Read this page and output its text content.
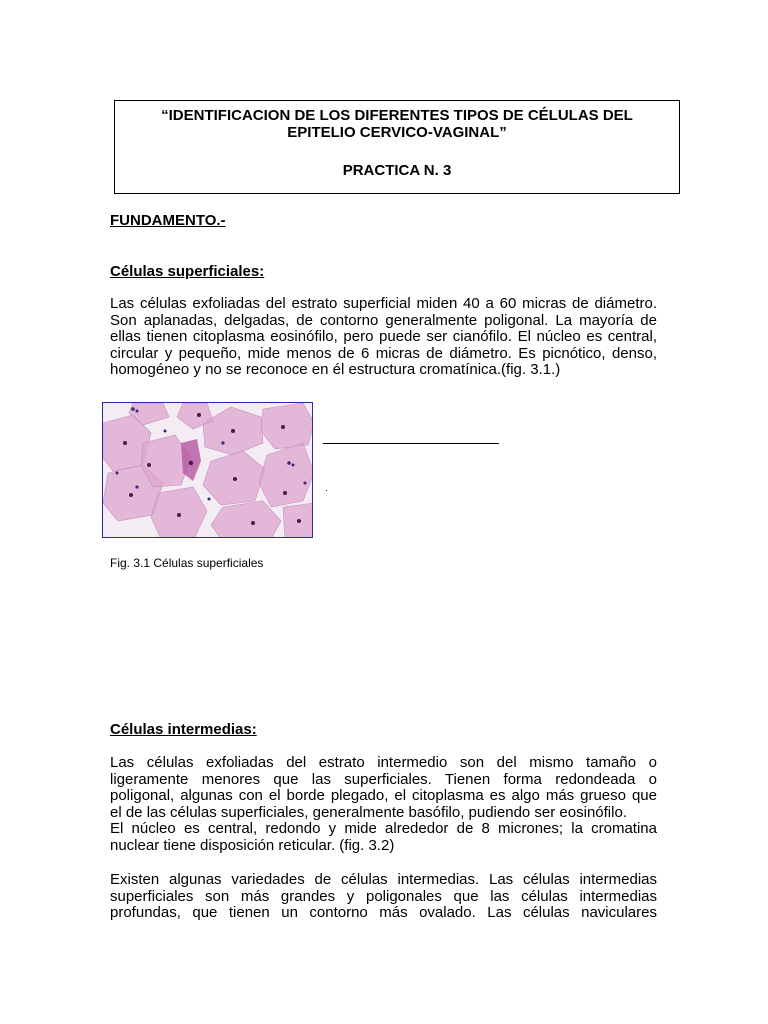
“IDENTIFICACION DE LOS DIFERENTES TIPOS DE CÉLULAS DEL
EPITELIO CERVICO-VAGINAL”
PRACTICA N. 3
FUNDAMENTO.-
Células superficiales:
Las células exfoliadas del estrato superficial miden 40 a 60 micras de diámetro.
Son aplanadas, delgadas, de contorno generalmente poligonal. La mayoría de
ellas tienen citoplasma eosinófilo, pero puede ser cianófilo. El núcleo es central,
circular y pequeño, mide menos de 6 micras de diámetro. Es picnótico, denso,
homogéneo y no se reconoce en él estructura cromatínica.(fig. 3.1.)
.
Fig. 3.1 Células superficiales
Células intermedias:
Las células exfoliadas del estrato intermedio son del mismo tamaño o
ligeramente menores que las superficiales. Tienen forma redondeada o
poligonal, algunas con el borde plegado, el citoplasma es algo más grueso que
el de las células superficiales, generalmente basófilo, pudiendo ser eosinófilo.
El núcleo es central, redondo y mide alrededor de 8 micrones; la cromatina
nuclear tiene disposición reticular. (fig. 3.2)
Existen algunas variedades de células intermedias. Las células intermedias
superficiales son más grandes y poligonales que las células intermedias
profundas, que tienen un contorno más ovalado. Las células naviculares
